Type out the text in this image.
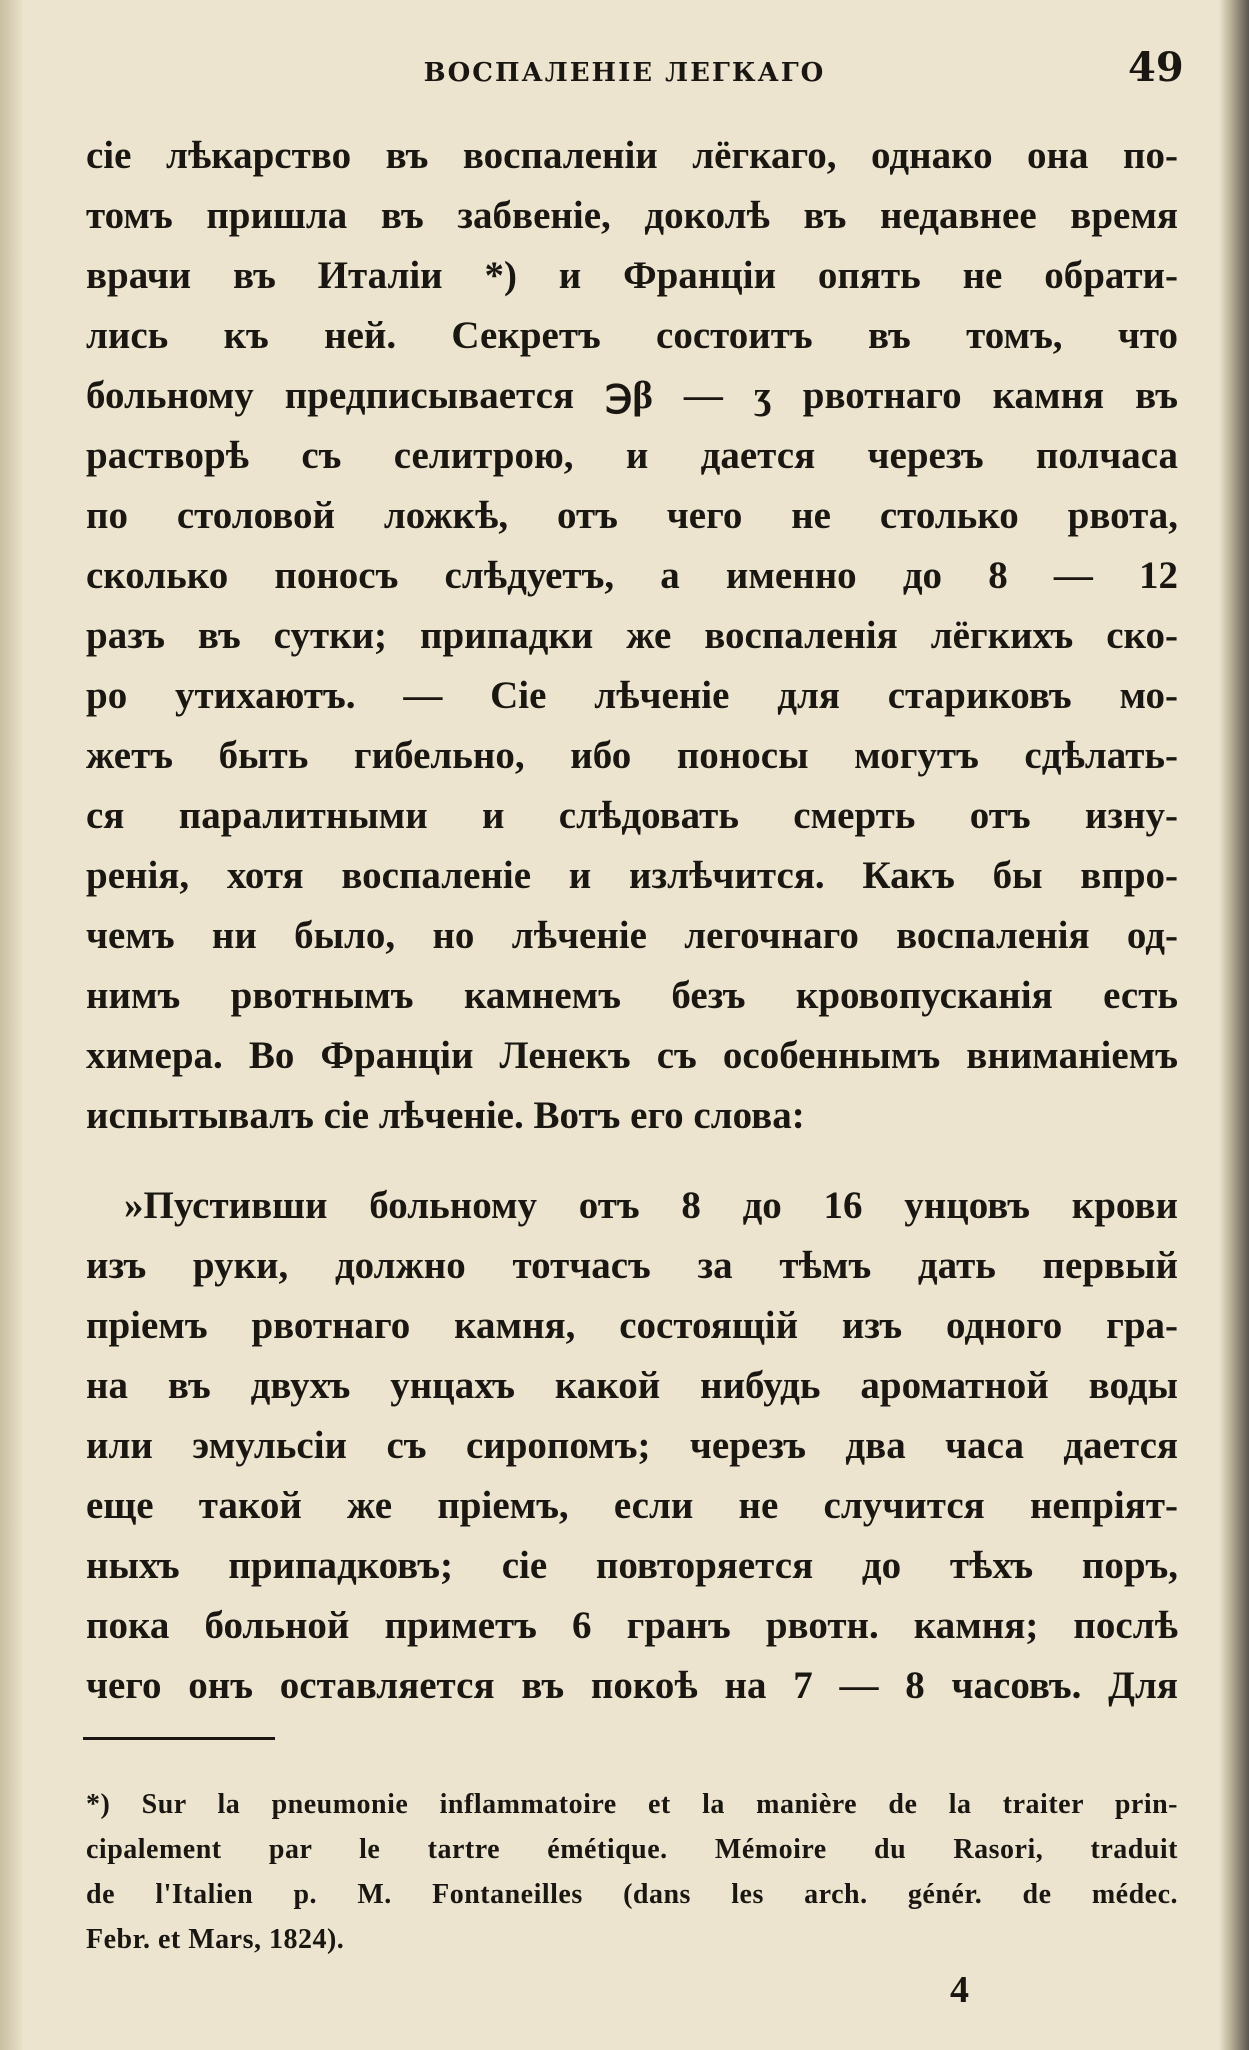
ВОСПАЛЕНІЕ ЛЕГКАГО	49
сіе лѣкарство въ воспаленіи лёгкаго, однако она по-
томъ пришла въ забвеніе, доколѣ въ недавнее время
врачи въ Италіи *) и Франціи опять не обрати-
лись къ ней. Секретъ состоитъ въ томъ, что
больному предписывается ℈β — ʒ рвотнаго камня въ
растворѣ съ селитрою, и дается черезъ полчаса
по столовой ложкѣ, отъ чего не столько рвота,
сколько поносъ слѣдуетъ, а именно до 8 — 12
разъ въ сутки; припадки же воспаленія лёгкихъ ско-
ро утихаютъ. — Сіе лѣченіе для стариковъ мо-
жетъ быть гибельно, ибо поносы могутъ сдѣлать-
ся паралитными и слѣдовать смерть отъ изну-
ренія, хотя воспаленіе и излѣчится. Какъ бы впро-
чемъ ни было, но лѣченіе легочнаго воспаленія од-
нимъ рвотнымъ камнемъ безъ кровопусканія есть
химера. Во Франціи Ленекъ съ особеннымъ вниманіемъ
испытывалъ сіе лѣченіе. Вотъ его слова:
»Пустивши больному отъ 8 до 16 унцовъ крови
изъ руки, должно тотчасъ за тѣмъ дать первый
пріемъ рвотнаго камня, состоящій изъ одного гра-
на въ двухъ унцахъ какой нибудь ароматной воды
или эмульсіи съ сиропомъ; черезъ два часа дается
еще такой же пріемъ, если не случится непріят-
ныхъ припадковъ; сіе повторяется до тѣхъ поръ,
пока больной приметъ 6 гранъ рвотн. камня; послѣ
чего онъ оставляется въ покоѣ на 7 — 8 часовъ. Для
*) Sur la pneumonie inflammatoire et la manière de la traiter prin-
cipalement par le tartre émétique. Mémoire du Rasori, traduit
de l'Italien p. M. Fontaneilles (dans les arch. génér. de médec.
Febr. et Mars, 1824).
4
